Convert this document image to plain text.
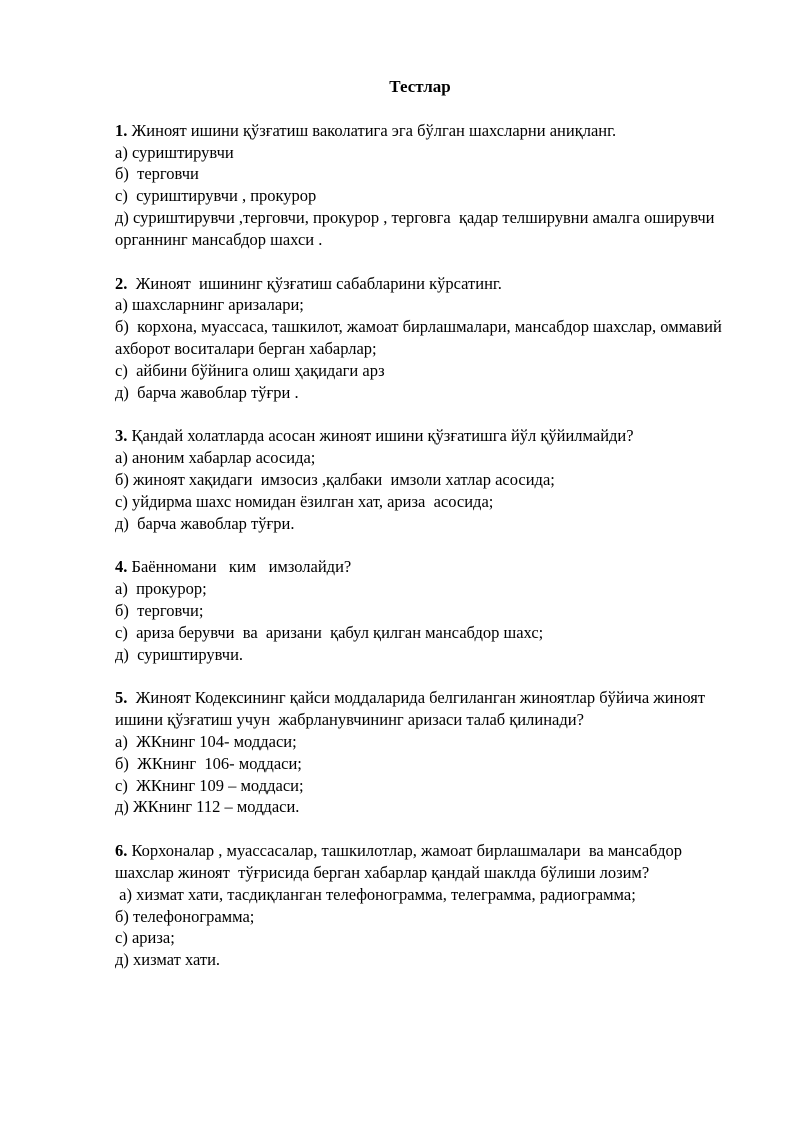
Тестлар
1. Жиноят ишини қўзғатиш ваколатига эга бўлган шахсларни аниқланг.
а) суриштирувчи
б)  терговчи
с)  суриштирувчи , прокурор
д) суриштирувчи ,терговчи, прокурор , терговга  қадар телширувни амалга оширувчи органнинг мансабдор шахси .
2.  Жиноят  ишининг қўзғатиш сабабларини кўрсатинг.
а) шахсларнинг аризалари;
б)  корхона, муассаса, ташкилот, жамоат бирлашмалари, мансабдор шахслар, оммавий ахборот воситалари берган хабарлар;
с)  айбини бўйнига олиш ҳақидаги арз
д)  барча жавоблар тўғри .
3. Қандай холатларда асосан жиноят ишини қўзғатишга йўл қўйилмайди?
а) аноним хабарлар асосида;
б) жиноят хақидаги  имзосиз ,қалбаки  имзоли хатлар асосида;
с) уйдирма шахс номидан ёзилган хат, ариза  асосида;
д)  барча жавоблар тўғри.
4. Баённомани   ким   имзолайди?
а)  прокурор;
б)  терговчи;
с)  ариза берувчи  ва  аризани  қабул қилган мансабдор шахс;
д)  суриштирувчи.
5.  Жиноят Кодексининг қайси моддаларида белгиланган жиноятлар бўйича жиноят ишини қўзғатиш учун  жабрланувчининг аризаси талаб қилинади?
а)  ЖКнинг 104- моддаси;
б)  ЖКнинг  106- моддаси;
с)  ЖКнинг 109 – моддаси;
д) ЖКнинг 112 – моддаси.
6. Корхоналар , муассасалар, ташкилотлар, жамоат бирлашмалари  ва мансабдор  шахслар жиноят  тўғрисида берган хабарлар қандай шаклда бўлиши лозим?
а) хизмат хати, тасдиқланган телефонограмма, телеграмма, радиограмма;
б) телефонограмма;
с) ариза;
д) хизмат хати.
